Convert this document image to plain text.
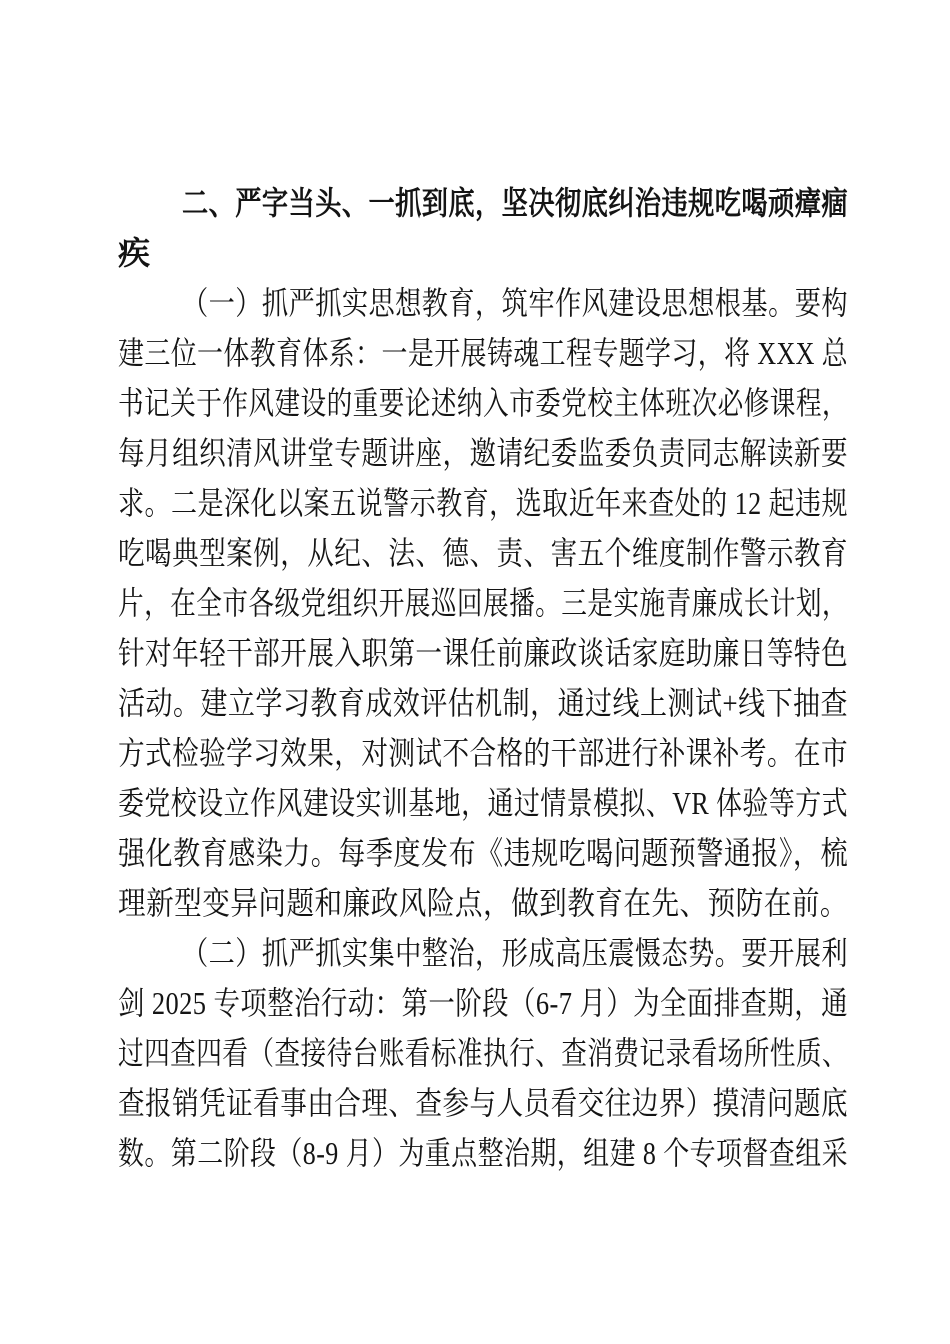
二、严字当头、一抓到底，坚决彻底纠治违规吃喝顽瘴痼
疾
（一）抓严抓实思想教育，筑牢作风建设思想根基。要构
建三位一体教育体系：一是开展铸魂工程专题学习，将 XXX 总
书记关于作风建设的重要论述纳入市委党校主体班次必修课程，
每月组织清风讲堂专题讲座，邀请纪委监委负责同志解读新要
求。二是深化以案五说警示教育，选取近年来查处的 12 起违规
吃喝典型案例，从纪、法、德、责、害五个维度制作警示教育
片，在全市各级党组织开展巡回展播。三是实施青廉成长计划，
针对年轻干部开展入职第一课任前廉政谈话家庭助廉日等特色
活动。建立学习教育成效评估机制，通过线上测试+线下抽查
方式检验学习效果，对测试不合格的干部进行补课补考。在市
委党校设立作风建设实训基地，通过情景模拟、VR 体验等方式
强化教育感染力。每季度发布《违规吃喝问题预警通报》，梳
理新型变异问题和廉政风险点，做到教育在先、预防在前。
（二）抓严抓实集中整治，形成高压震慑态势。要开展利
剑 2025 专项整治行动：第一阶段（6-7 月）为全面排查期，通
过四查四看（查接待台账看标准执行、查消费记录看场所性质、
查报销凭证看事由合理、查参与人员看交往边界）摸清问题底
数。第二阶段（8-9 月）为重点整治期，组建 8 个专项督查组采
